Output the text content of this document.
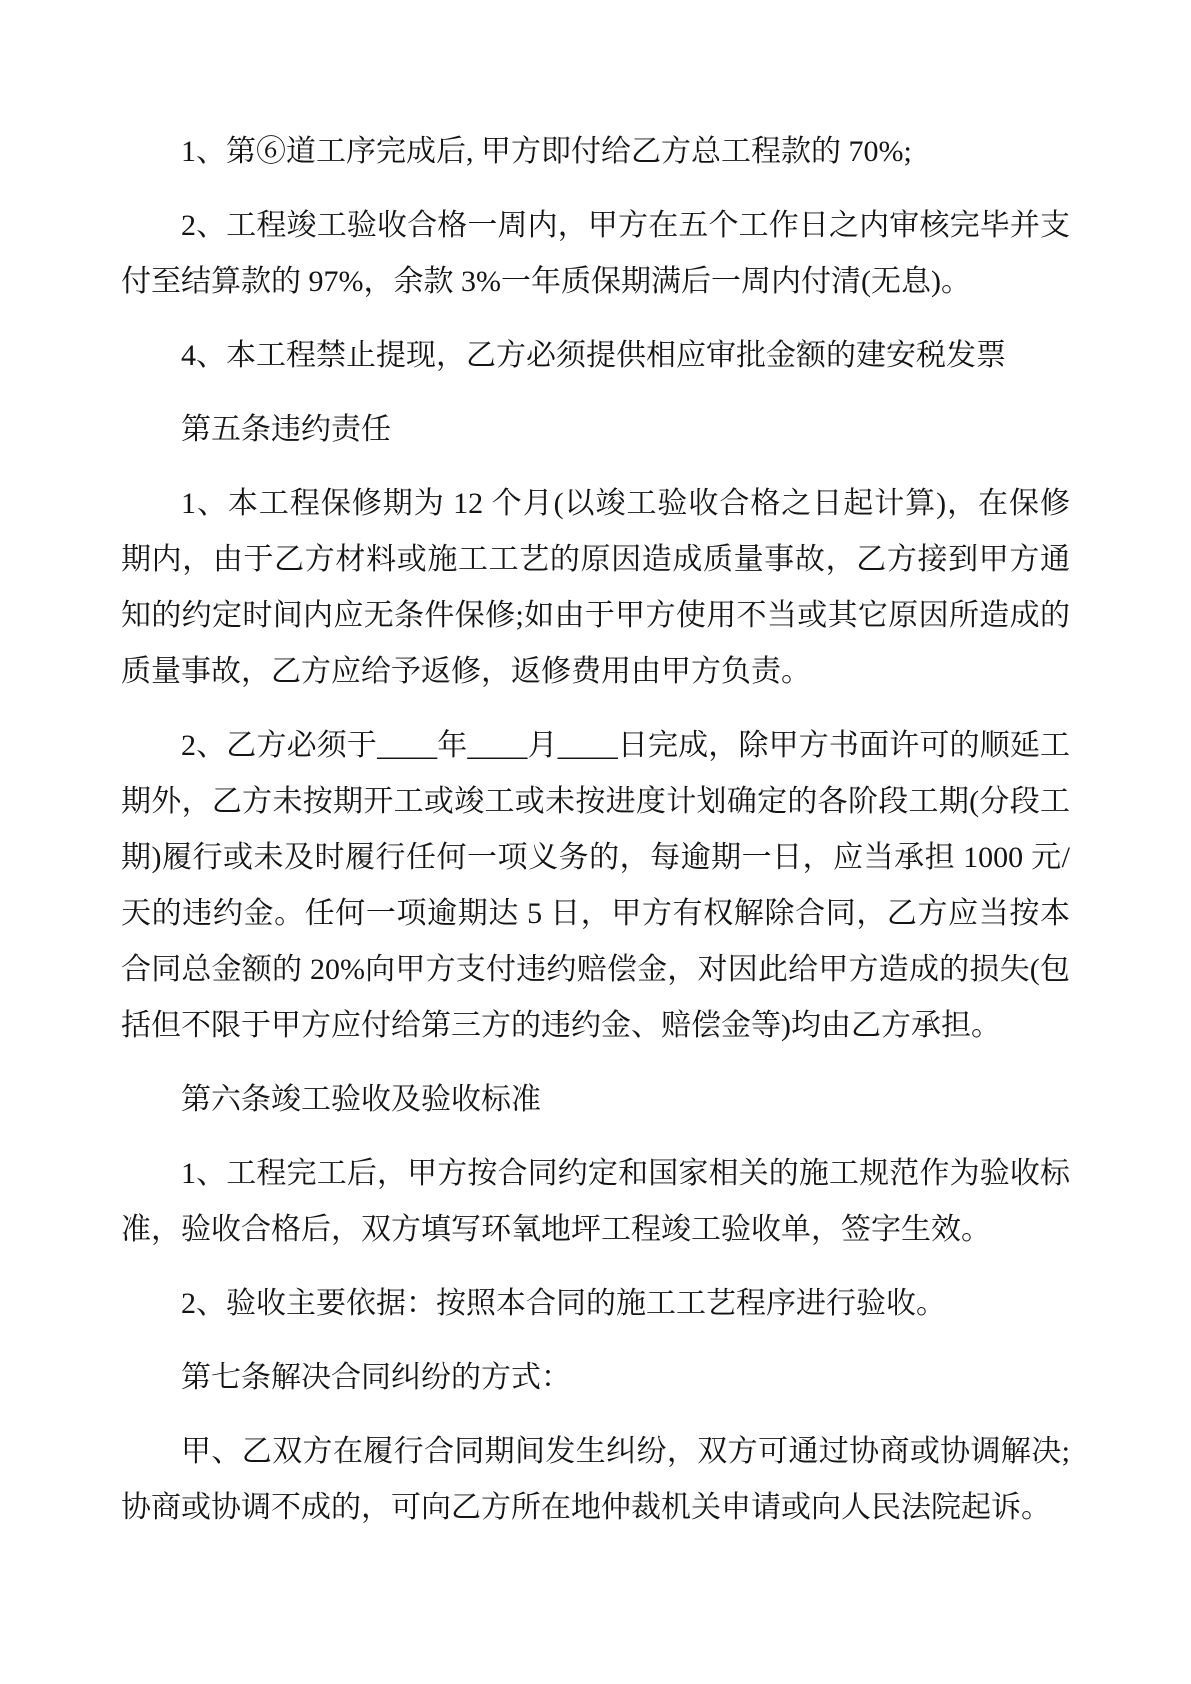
1、第⑥道工序完成后, 甲方即付给乙方总工程款的 70%;

2、工程竣工验收合格一周内，甲方在五个工作日之内审核完毕并支付至结算款的 97%，余款 3%一年质保期满后一周内付清(无息)。

4、本工程禁止提现，乙方必须提供相应审批金额的建安税发票

第五条违约责任

1、本工程保修期为 12 个月(以竣工验收合格之日起计算)，在保修期内，由于乙方材料或施工工艺的原因造成质量事故，乙方接到甲方通知的约定时间内应无条件保修;如由于甲方使用不当或其它原因所造成的质量事故，乙方应给予返修，返修费用由甲方负责。

2、乙方必须于____年____月____日完成，除甲方书面许可的顺延工期外，乙方未按期开工或竣工或未按进度计划确定的各阶段工期(分段工期)履行或未及时履行任何一项义务的，每逾期一日，应当承担 1000 元/天的违约金。任何一项逾期达 5 日，甲方有权解除合同，乙方应当按本合同总金额的 20%向甲方支付违约赔偿金，对因此给甲方造成的损失(包括但不限于甲方应付给第三方的违约金、赔偿金等)均由乙方承担。

第六条竣工验收及验收标准

1、工程完工后，甲方按合同约定和国家相关的施工规范作为验收标准，验收合格后，双方填写环氧地坪工程竣工验收单，签字生效。

2、验收主要依据：按照本合同的施工工艺程序进行验收。

第七条解决合同纠纷的方式：

甲、乙双方在履行合同期间发生纠纷，双方可通过协商或协调解决;协商或协调不成的，可向乙方所在地仲裁机关申请或向人民法院起诉。
